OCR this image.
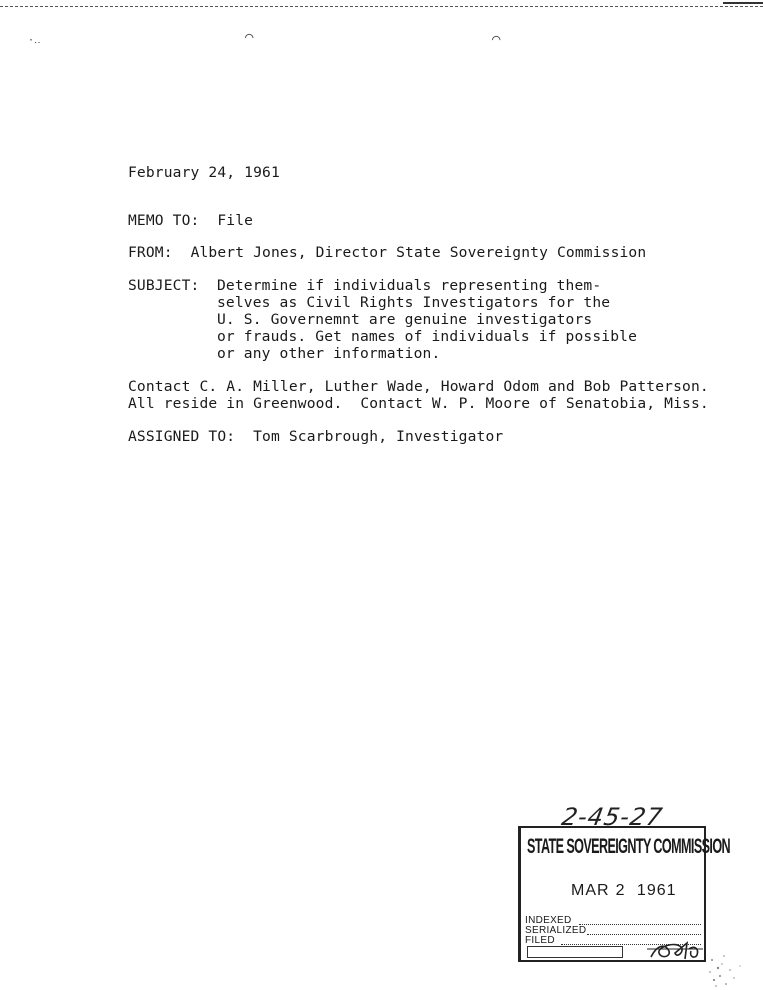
⌒	⌒
·‥
February 24, 1961
MEMO TO: File
FROM: Albert Jones, Director State Sovereignty Commission
SUBJECT: Determine if individuals representing them-
selves as Civil Rights Investigators for the
U. S. Governemnt are genuine investigators
or frauds. Get names of individuals if possible
or any other information.
Contact C. A. Miller, Luther Wade, Howard Odom and Bob Patterson.
All reside in Greenwood.  Contact W. P. Moore of Senatobia, Miss.
ASSIGNED TO: Tom Scarbrough, Investigator
2-45-27
STATE SOVEREIGNTY COMMISSION
MAR 2 1961
INDEXED
SERIALIZED
FILED
